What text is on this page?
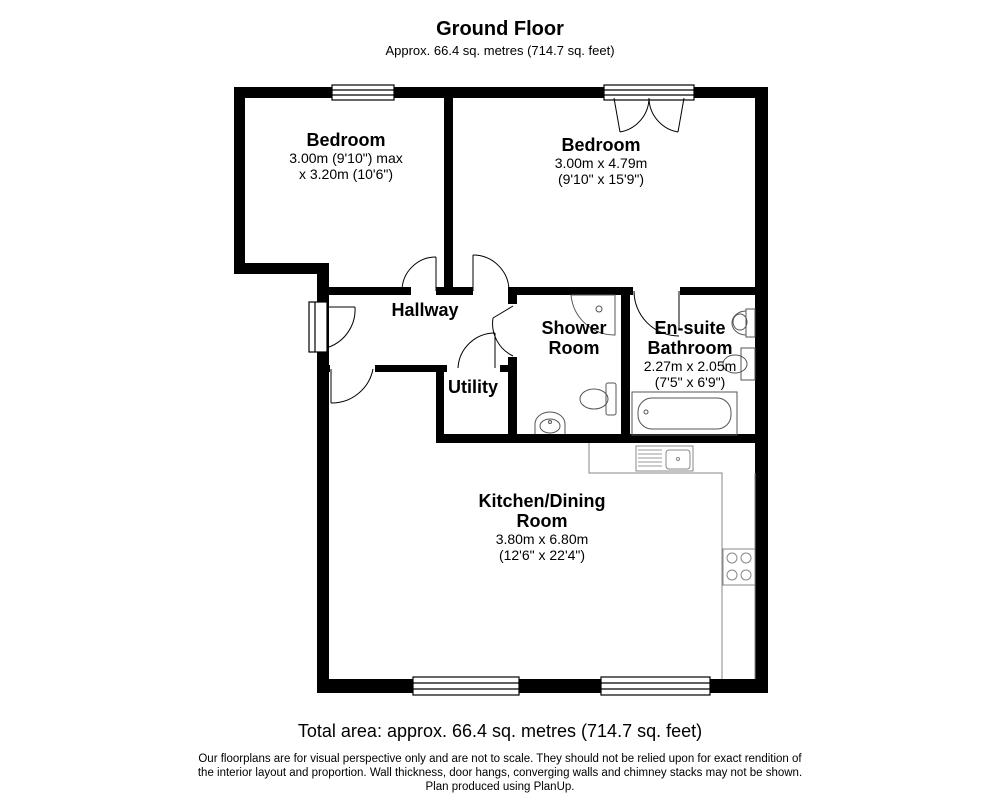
Ground Floor
Approx. 66.4 sq. metres (714.7 sq. feet)
Bedroom
3.00m (9'10") max
x 3.20m (10'6")
Bedroom
3.00m x 4.79m
(9'10" x 15'9")
Hallway
Shower
Room
En-suite
Bathroom
2.27m x 2.05m
(7'5" x 6'9")
Utility
Kitchen/Dining
Room
3.80m x 6.80m
(12'6" x 22'4")
Total area: approx. 66.4 sq. metres (714.7 sq. feet)
Our floorplans are for visual perspective only and are not to scale. They should not be relied upon for exact rendition of
the interior layout and proportion. Wall thickness, door hangs, converging walls and chimney stacks may not be shown.
Plan produced using PlanUp.
